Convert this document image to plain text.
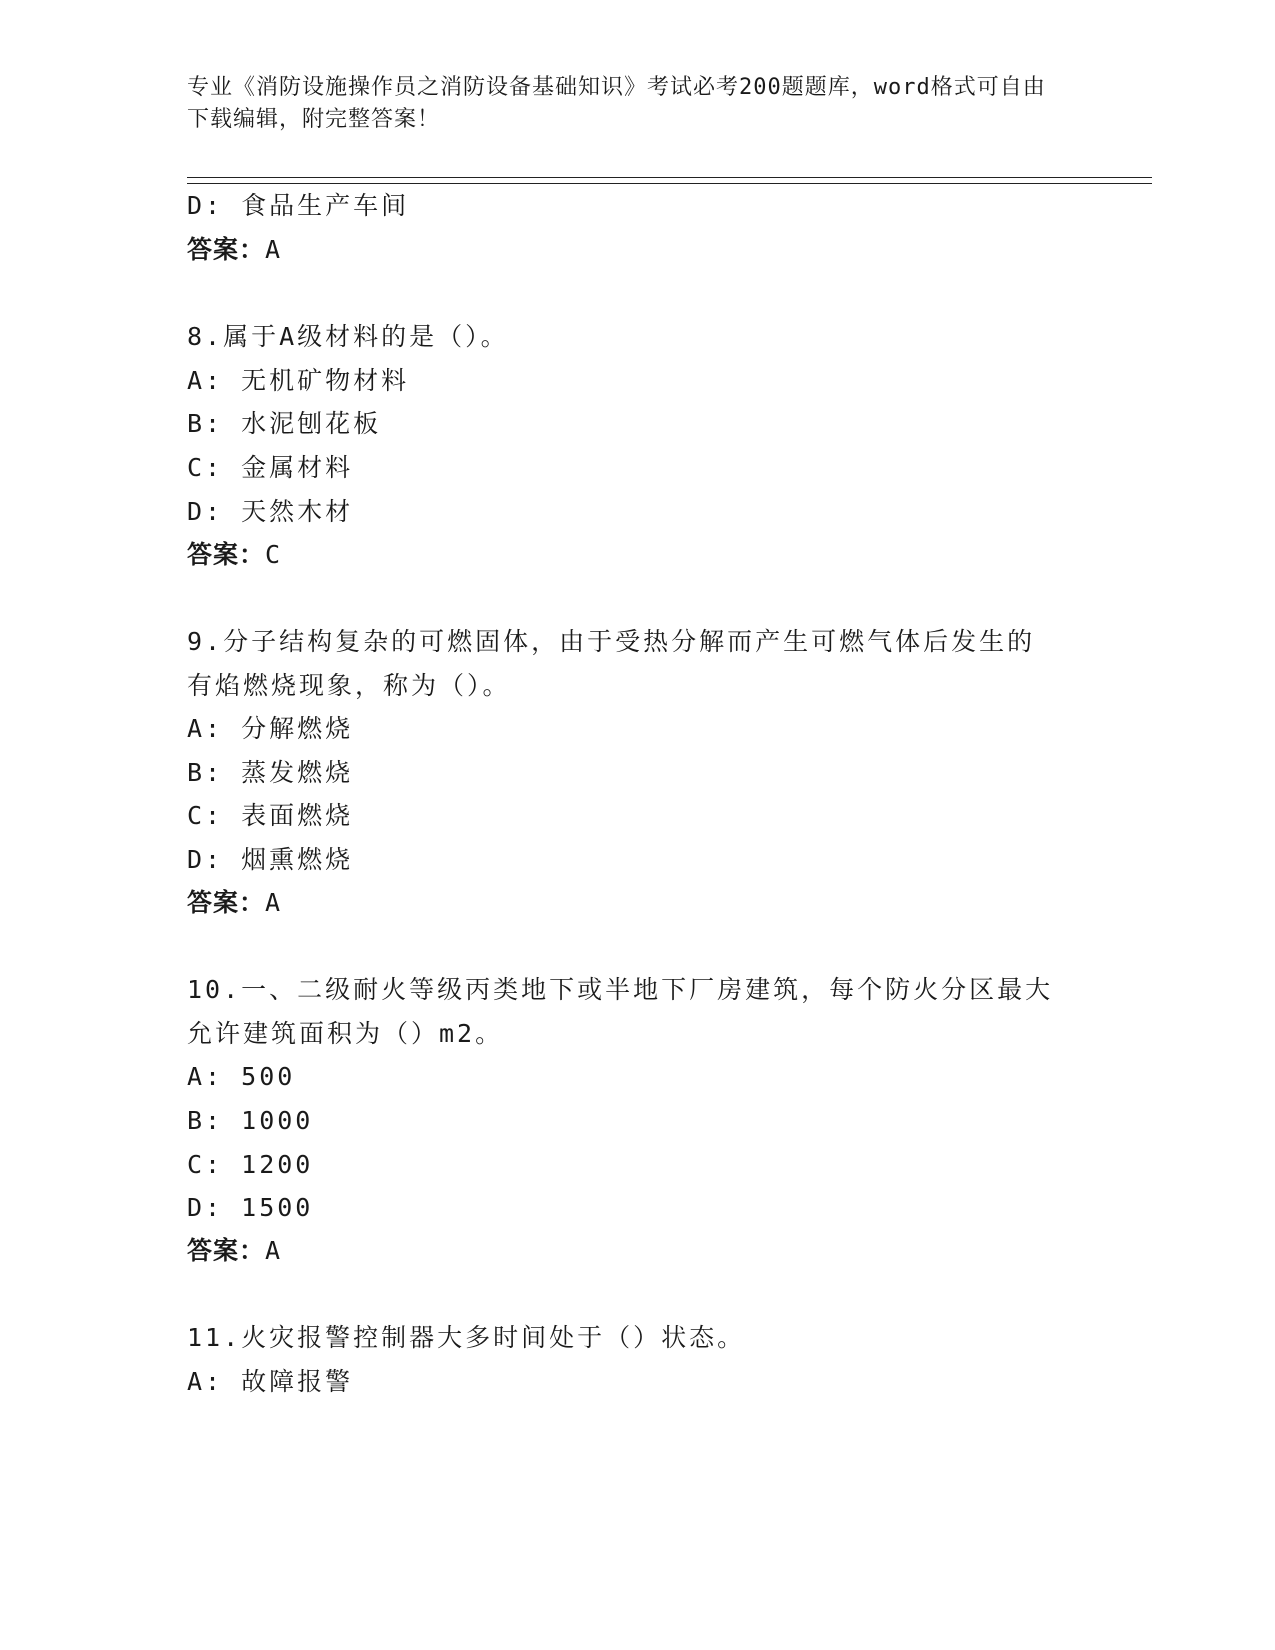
专业《消防设施操作员之消防设备基础知识》考试必考200题题库，word格式可自由下载编辑，附完整答案！
D: 食品生产车间
答案：A
8.属于A级材料的是（）。
A: 无机矿物材料
B: 水泥刨花板
C: 金属材料
D: 天然木材
答案：C
9.分子结构复杂的可燃固体，由于受热分解而产生可燃气体后发生的
有焰燃烧现象，称为（）。
A: 分解燃烧
B: 蒸发燃烧
C: 表面燃烧
D: 烟熏燃烧
答案：A
10.一、二级耐火等级丙类地下或半地下厂房建筑，每个防火分区最大
允许建筑面积为（）m2。
A: 500
B: 1000
C: 1200
D: 1500
答案：A
11.火灾报警控制器大多时间处于（）状态。
A: 故障报警
